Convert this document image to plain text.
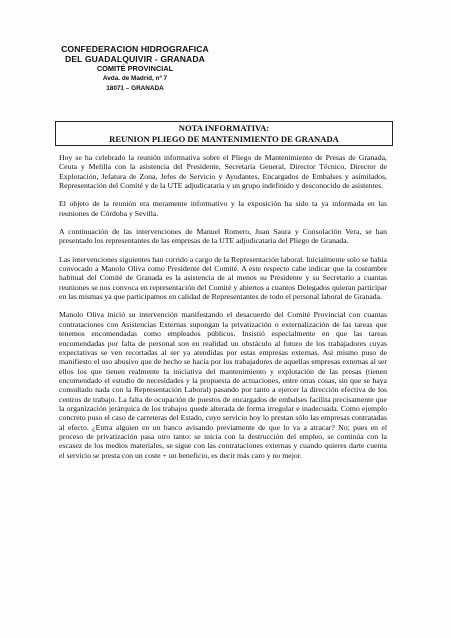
CONFEDERACION HIDROGRAFICA
DEL GUADALQUIVIR - GRANADA
COMITÉ PROVINCIAL
Avda. de Madrid, nº 7
18071 – GRANADA
NOTA INFORMATIVA:
REUNION PLIEGO DE MANTENIMIENTO DE GRANADA

Hoy se ha celebrado la reunión informativa sobre el Pliego de Mantenimiento de Presas de Granada, Ceuta y Melilla con la asistencia del Presidente, Secretaria General, Director Técnico, Director de Explotación, Jefatura de Zona, Jefes de Servicio y Ayudantes, Encargados de Embalses y asimilados, Representación del Comité y de la UTE adjudicataria y un grupo indefinido y desconocido de asistentes.

El objeto de la reunión era meramente informativo y la exposición ha sido ta ya informada en las reuniones de Córdoba y Sevilla.

A continuación de las intervenciones de Manuel Romero, Juan Saura y Consolación Vera, se han presentado los representantes de las empresas de la UTE adjudicataria del Pliego de Granada.

Las intervenciones siguientes han corrido a cargo de la Representación laboral. Inicialmente solo se había convocado a Manolo Oliva como Presidente del Comité. A este respecto cabe indicar que la costumbre habitual del Comité de Granada es la asistencia de al menos su Presidente y su Secretario a cuantas reuniones se nos convoca en representación del Comité y abiertos a cuantos Delegados quieran participar en las mismas ya que participamos en calidad de Representantes de todo el personal laboral de Granada.

Manolo Oliva inició su intervención manifestando el desacuerdo del Comité Provincial con cuantas contrataciones con Asistencias Externas supongan la privatización o externalización de las tareas que tenemos encomendadas como empleados públicos. Insistió especialmente en que las tareas encomendadas por falta de personal son en realidad un obstáculo al futuro de los trabajadores cuyas expectativas se ven recortadas al ser ya atendidas por estas empresas externas. Así mismo puso de manifiesto el uso abusivo que de hecho se hacía por los trabajadores de aquellas empresas externas al ser ellos los que tienen realmente la iniciativa del mantenimiento y explotación de las presas (tienen encomendado el estudio de necesidades y la propuesta de actuaciones, entre otras cosas, sin que se haya consultado nada con la Representación Laboral) pasando por tanto a ejercer la dirección efectiva de los centros de trabajo. La falta de ocupación de puestos de encargados de embalses facilita precisamente que la organización jerárquica de los trabajos quede alterada de forma irregular e inadecuada. Como ejemplo concreto puso el caso de carreteras del Estado, cuyo servicio hoy lo prestan sólo las empresas contratadas al efecto. ¿Entra alguien en un banco avisando previamente de que lo va a atracar? No; pues en el proceso de privatización pasa otro tanto: se inicia con la destrucción del empleo, se continúa con la escasez de los medios materiales, se sigue con las contrataciones externas y cuando quieres darte cuenta el servicio se presta con un coste + un beneficio, es decir más caro y no mejor.
